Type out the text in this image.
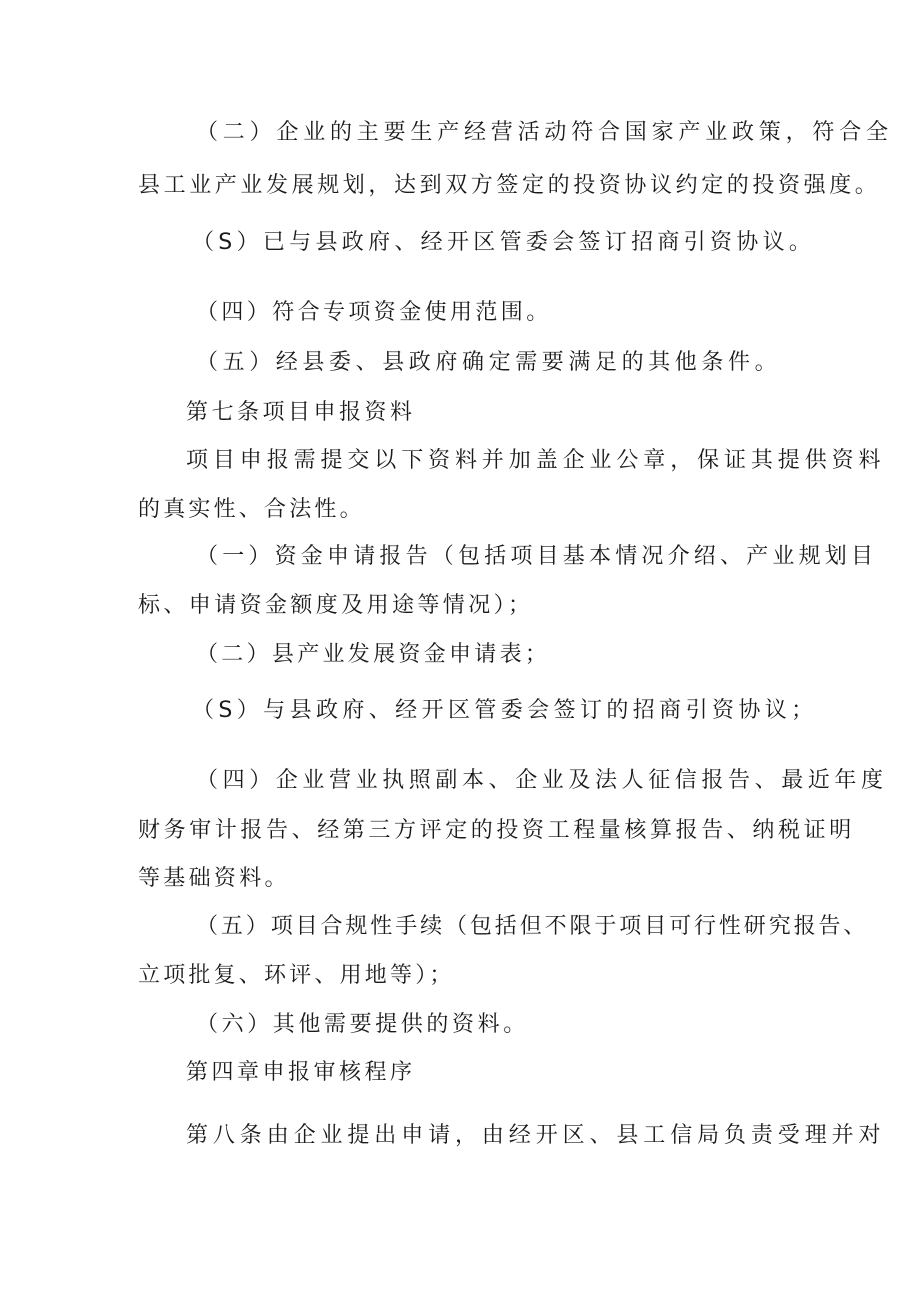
（二）企业的主要生产经营活动符合国家产业政策，符合全
县工业产业发展规划，达到双方签定的投资协议约定的投资强度。
（S）已与县政府、经开区管委会签订招商引资协议。
（四）符合专项资金使用范围。
（五）经县委、县政府确定需要满足的其他条件。
第七条项目申报资料
项目申报需提交以下资料并加盖企业公章，保证其提供资料
的真实性、合法性。
（一）资金申请报告（包括项目基本情况介绍、产业规划目
标、申请资金额度及用途等情况）；
（二）县产业发展资金申请表；
（S）与县政府、经开区管委会签订的招商引资协议；
（四）企业营业执照副本、企业及法人征信报告、最近年度
财务审计报告、经第三方评定的投资工程量核算报告、纳税证明
等基础资料。
（五）项目合规性手续（包括但不限于项目可行性研究报告、
立项批复、环评、用地等）；
（六）其他需要提供的资料。
第四章申报审核程序
第八条由企业提出申请，由经开区、县工信局负责受理并对
